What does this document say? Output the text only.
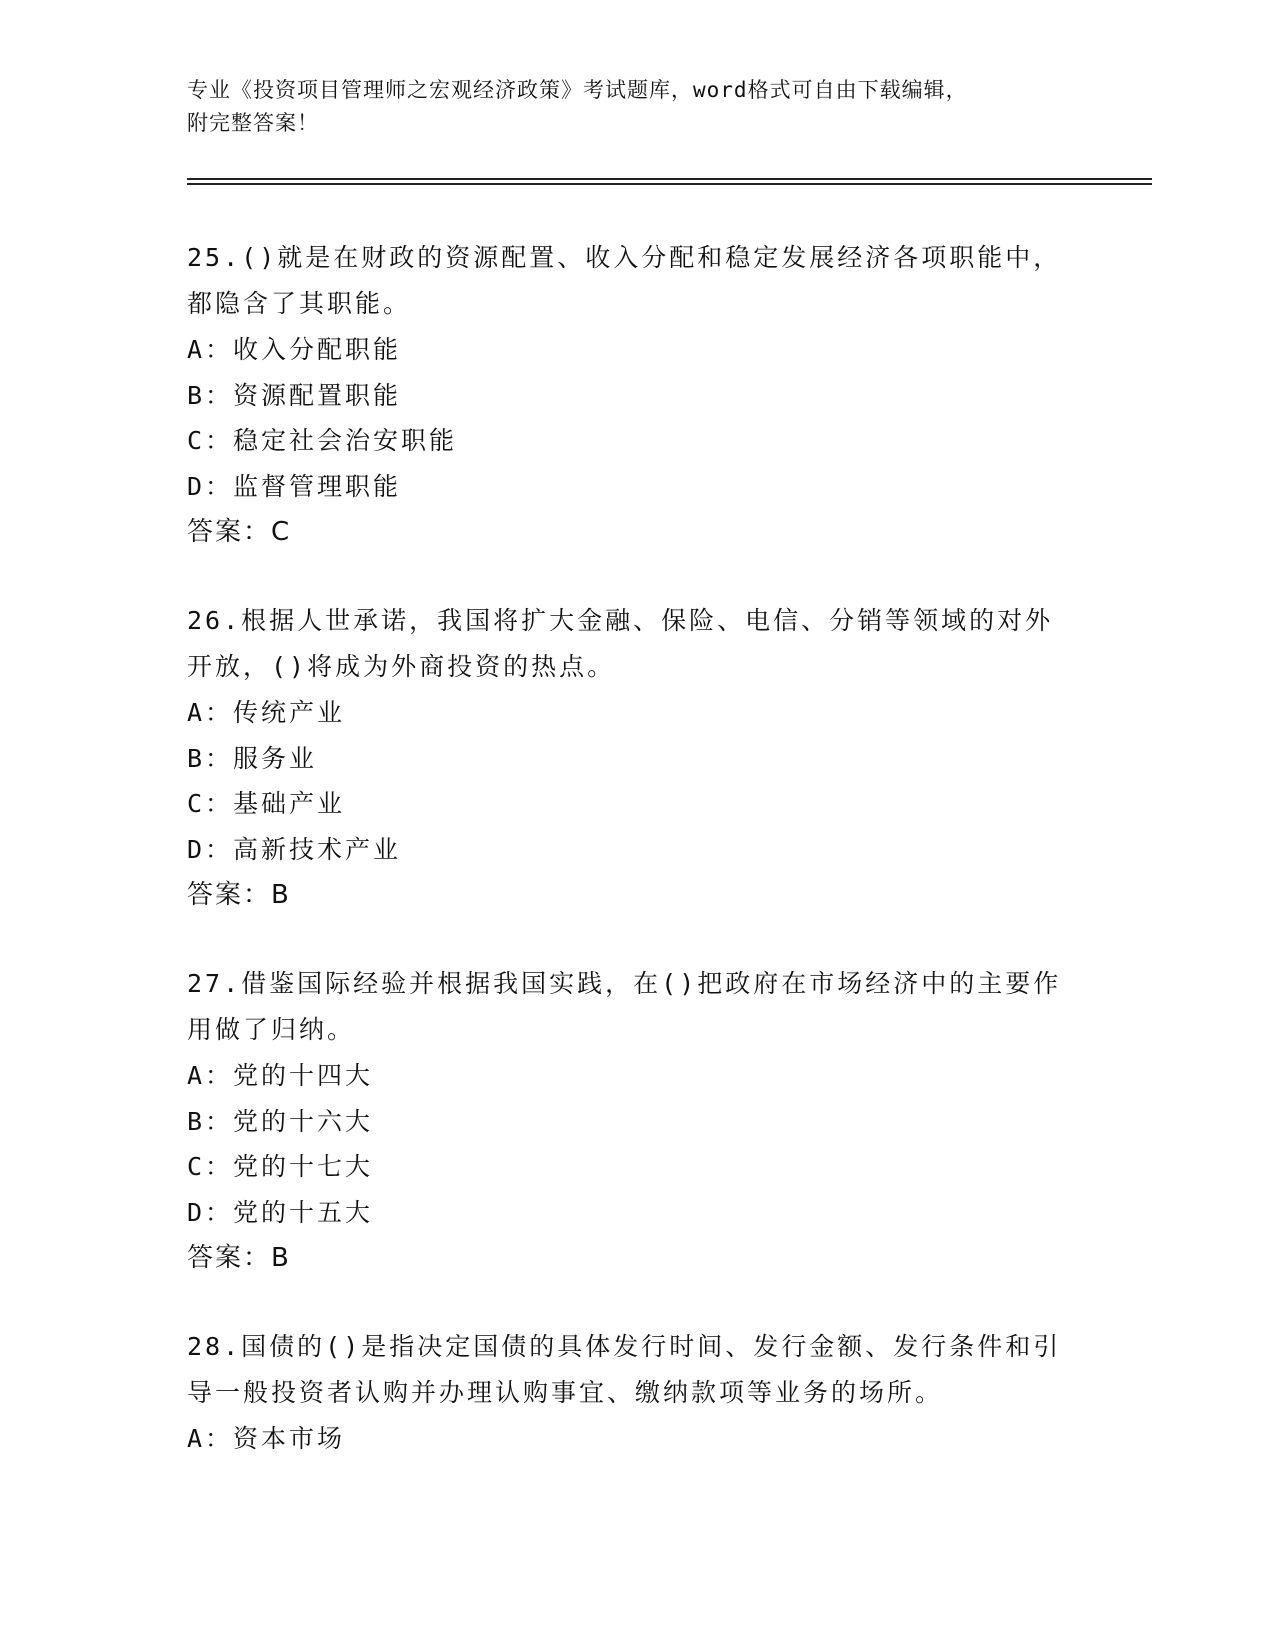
专业《投资项目管理师之宏观经济政策》考试题库，word格式可自由下载编辑，
附完整答案！
25.()就是在财政的资源配置、收入分配和稳定发展经济各项职能中，
都隐含了其职能。
A：收入分配职能
B：资源配置职能
C：稳定社会治安职能
D：监督管理职能
答案：C
26.根据人世承诺，我国将扩大金融、保险、电信、分销等领域的对外
开放，()将成为外商投资的热点。
A：传统产业
B：服务业
C：基础产业
D：高新技术产业
答案：B
27.借鉴国际经验并根据我国实践，在()把政府在市场经济中的主要作
用做了归纳。
A：党的十四大
B：党的十六大
C：党的十七大
D：党的十五大
答案：B
28.国债的()是指决定国债的具体发行时间、发行金额、发行条件和引
导一般投资者认购并办理认购事宜、缴纳款项等业务的场所。
A：资本市场
